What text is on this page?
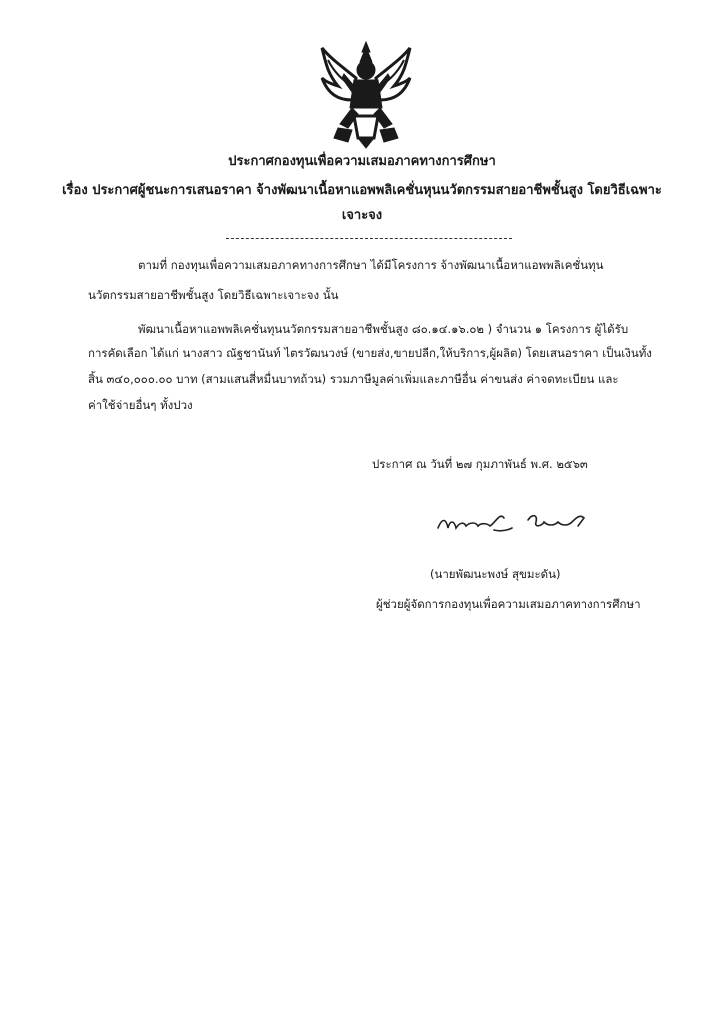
ประกาศกองทุนเพื่อความเสมอภาคทางการศึกษา
เรื่อง ประกาศผู้ชนะการเสนอราคา จ้างพัฒนาเนื้อหาแอพพลิเคชั่นหุนนวัตกรรมสายอาชีพชั้นสูง โดยวิธีเฉพาะ
เจาะจง
ตามที่ กองทุนเพื่อความเสมอภาคทางการศึกษา ได้มีโครงการ จ้างพัฒนาเนื้อหาแอพพลิเคชั่นทุน
นวัตกรรมสายอาชีพชั้นสูง โดยวิธีเฉพาะเจาะจง นั้น
พัฒนาเนื้อหาแอพพลิเคชั่นทุนนวัตกรรมสายอาชีพชั้นสูง ๘๐.๑๔.๑๖.๐๒ ) จำนวน ๑ โครงการ ผู้ได้รับ
การคัดเลือก ได้แก่ นางสาว ณัฐชานันท์ ไตรวัฒนวงษ์ (ขายส่ง,ขายปลีก,ให้บริการ,ผู้ผลิต) โดยเสนอราคา เป็นเงินทั้ง
สิ้น ๓๔๐,๐๐๐.๐๐ บาท (สามแสนสี่หมื่นบาทถ้วน) รวมภาษีมูลค่าเพิ่มและภาษีอื่น ค่าขนส่ง ค่าจดทะเบียน และ
ค่าใช้จ่ายอื่นๆ ทั้งปวง
ประกาศ ณ วันที่ ๒๗ กุมภาพันธ์ พ.ศ. ๒๕๖๓
(นายพัฒนะพงษ์ สุขมะดัน)
ผู้ช่วยผู้จัดการกองทุนเพื่อความเสมอภาคทางการศึกษา
